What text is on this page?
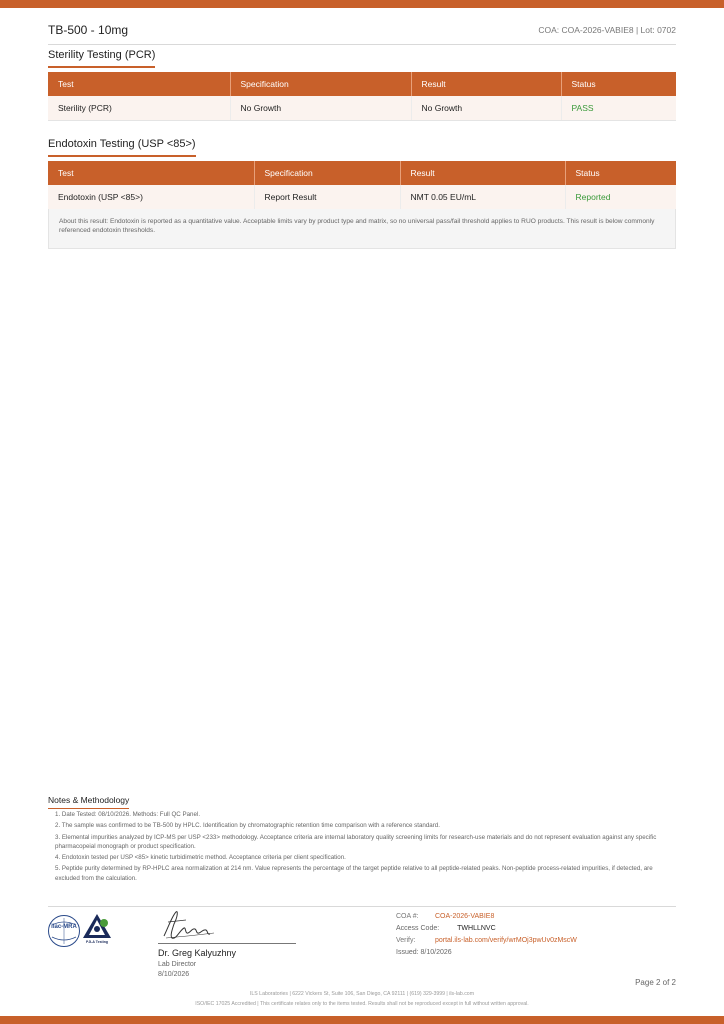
TB-500 - 10mg	COA: COA-2026-VABIE8 | Lot: 0702
Sterility Testing (PCR)
Test	Specification	Result	Status
Sterility (PCR)	No Growth	No Growth	PASS
Endotoxin Testing (USP <85>)
Test	Specification	Result	Status
Endotoxin (USP <85>)	Report Result	NMT 0.05 EU/mL	Reported
About this result: Endotoxin is reported as a quantitative value. Acceptable limits vary by product type and matrix, so no universal pass/fail threshold applies to RUO products. This result is below commonly referenced endotoxin thresholds.
Notes & Methodology
1. Date Tested: 08/10/2026. Methods: Full QC Panel.
2. The sample was confirmed to be TB-500 by HPLC. Identification by chromatographic retention time comparison with a reference standard.
3. Elemental impurities analyzed by ICP-MS per USP <233> methodology. Acceptance criteria are internal laboratory quality screening limits for research-use materials and do not represent evaluation against any specific pharmacopeial monograph or product specification.
4. Endotoxin tested per USP <85> kinetic turbidimetric method. Acceptance criteria per client specification.
5. Peptide purity determined by RP-HPLC area normalization at 214 nm. Value represents the percentage of the target peptide relative to all peptide-related peaks. Non-peptide process-related impurities, if detected, are excluded from the calculation.
ilac-MRA
PJLA Testing
Dr. Greg Kalyuzhny
Lab Director
8/10/2026
COA #: COA-2026-VABIE8
Access Code:	TWHLLNVC
Verify:	portal.ils-lab.com/verify/wrMOj3pwUv0zMscW
Issued: 8/10/2026
Page 2 of 2
ILS Laboratories | 6222 Vickers St, Suite 106, San Diego, CA 92111 | (619) 329-3999 | ils-lab.com
ISO/IEC 17025 Accredited | This certificate relates only to the items tested. Results shall not be reproduced except in full without written approval.
